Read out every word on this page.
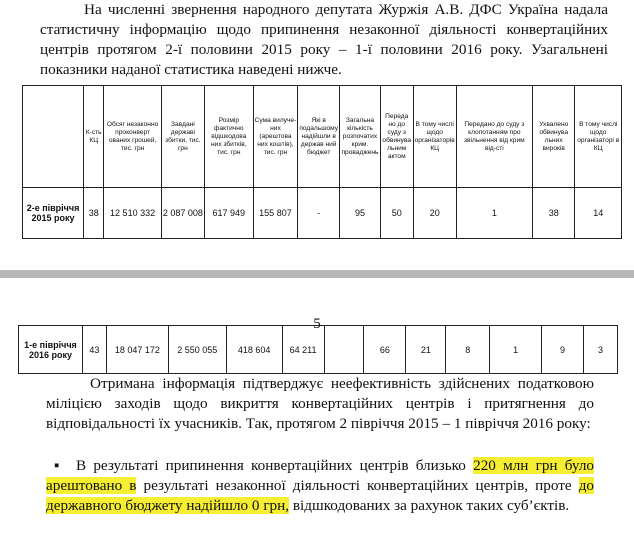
На численні звернення народного депутата Журжія А.В. ДФС Україна надала статистичну інформацію щодо припинення незаконної діяльності конвертаційних центрів протягом 2-ї половини 2015 року – 1-ї половини 2016 року. Узагальнені показники наданої статистика наведені нижче.

	К-сть КЦ	Обсяг незаконно проконверт ованих грошей, тис. грн	Завдані державі збитки, тис. грн	Розмір фактично відшкодова них збитків, тис. грн	Сума вилуче-них (арештова них коштів), тис. грн	Які в подальшому надійшли в держав ний бюджет	Загальна кількість розпочатих крим. проваджень	Переда но до суду з обвинува льним актом	В тому числі щодо організаторів КЦ	Передано до суду з клопотанням про звільнення від крим від-сті	Ухвалено обвинува льних вироків	В тому числі щодо організаторі в КЦ
2-е півріччя 2015 року	38	12 510 332	2 087 008	617 949	155 807	-	95	50	20	1	38	14
5
1-е півріччя 2016 року	43	18 047 172	2 550 055	418 604	64 211		66	21	8	1	9	3

Отримана інформація підтверджує неефективність здійснених податковою міліцією заходів щодо викриття конвертаційних центрів і притягнення до відповідальності їх учасників. Так, протягом 2 півріччя 2015 – 1 півріччя 2016 року:

▪ В результаті припинення конвертаційних центрів близько 220 млн грн було арештовано в результаті незаконної діяльності конвертаційних центрів, проте до державного бюджету надійшло 0 грн, відшкодованих за рахунок таких суб’єктів.
